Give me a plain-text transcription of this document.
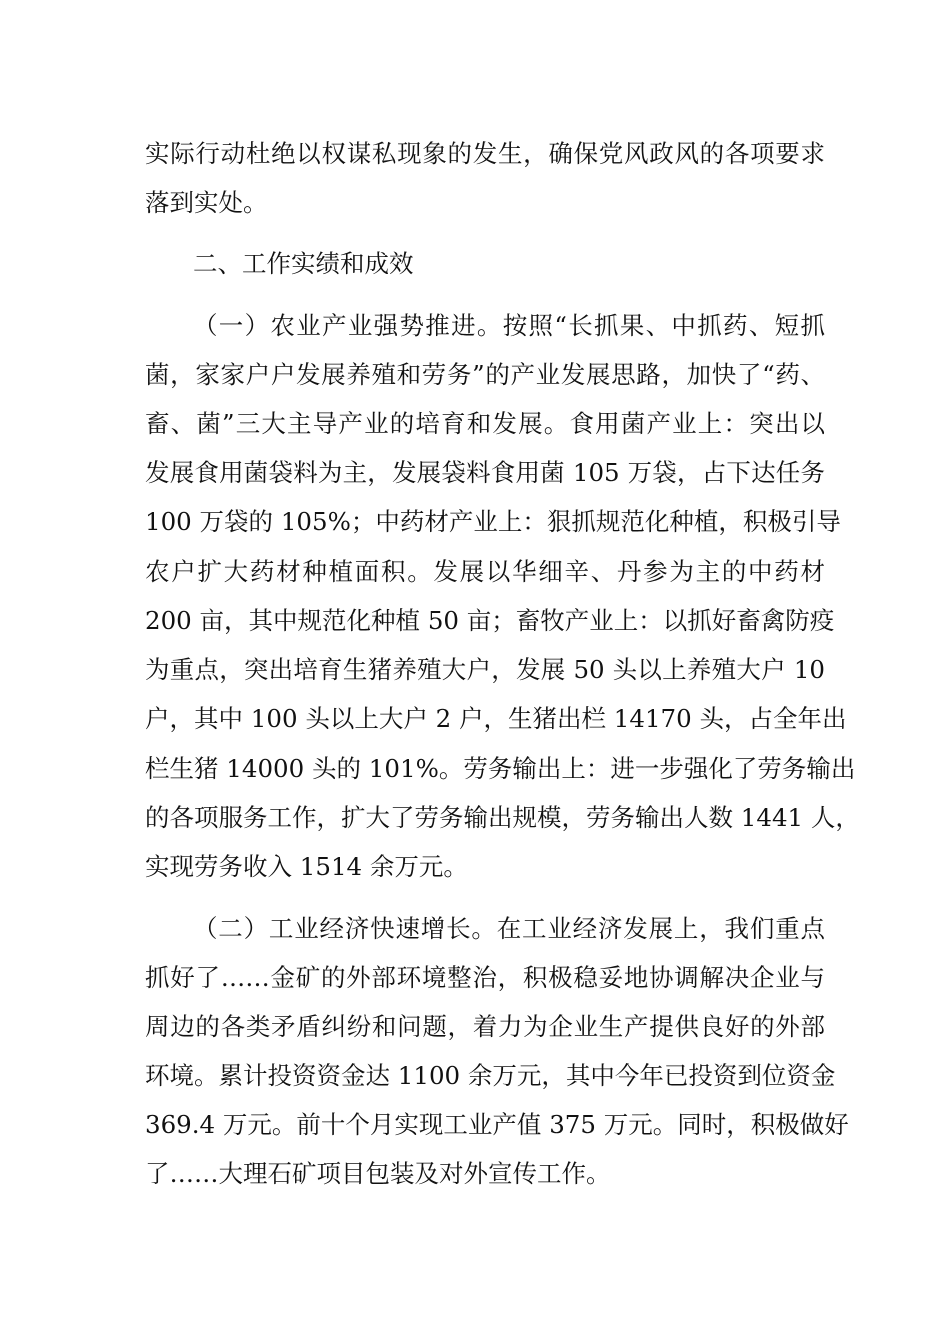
实际行动杜绝以权谋私现象的发生，确保党风政风的各项要求
落到实处。
二、工作实绩和成效
（一）农业产业强势推进。按照“长抓果、中抓药、短抓
菌，家家户户发展养殖和劳务”的产业发展思路，加快了“药、
畜、菌”三大主导产业的培育和发展。食用菌产业上：突出以
发展食用菌袋料为主，发展袋料食用菌 105 万袋，占下达任务
100 万袋的 105%；中药材产业上：狠抓规范化种植，积极引导
农户扩大药材种植面积。发展以华细辛、丹参为主的中药材
200 亩，其中规范化种植 50 亩；畜牧产业上：以抓好畜禽防疫
为重点，突出培育生猪养殖大户，发展 50 头以上养殖大户 10
户，其中 100 头以上大户 2 户，生猪出栏 14170 头，占全年出
栏生猪 14000 头的 101%。劳务输出上：进一步强化了劳务输出
的各项服务工作，扩大了劳务输出规模，劳务输出人数 1441 人，
实现劳务收入 1514 余万元。
（二）工业经济快速增长。在工业经济发展上，我们重点
抓好了……金矿的外部环境整治，积极稳妥地协调解决企业与
周边的各类矛盾纠纷和问题，着力为企业生产提供良好的外部
环境。累计投资资金达 1100 余万元，其中今年已投资到位资金
369.4 万元。前十个月实现工业产值 375 万元。同时，积极做好
了……大理石矿项目包装及对外宣传工作。
